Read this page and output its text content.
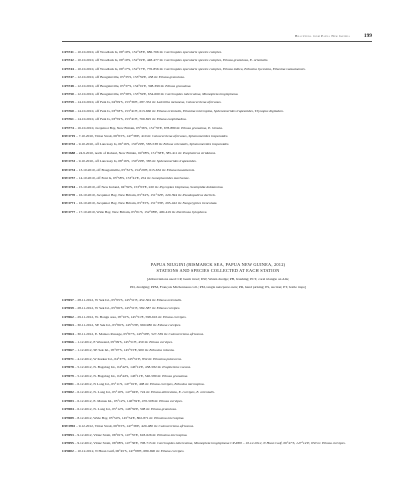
Brachyura from Papua New Guinea	199

CP3741 – 10.10.2010, off Woodlark Is, 09°10'S, 152°18'E, 686-766 m: Carcinoplax specularis species complex.

CP3742 – 10.10.2010, off Woodlark Is, 09°10'S, 152°19'E, 448-477 m: Carcinoplax specularis species complex, Ethusa granulosa, E. orientalis.

CP3744 – 10.10.2010, off Woodlark Is, 09°17'S, 152°17'E, 776-856 m: Carcinoplax specularis species complex, Ethusa indica, Ethusina hycesmia, Ethusina vanuatuensis.

CP3747 – 12.10.2010, off Bougainville, 05°35'S, 153°59'E, 458 m: Ethusa granulosa.

CP3748 – 12.10.2010, off Bougainville, 05°37'S, 154°01'E, 398-399 m: Ethusa granulosa.

CP3750 – 12.10.2010, off Bougainville, 05°39'S, 153°59'E, 654-660 m: Carcinoplax tuberculosa, Mionopleia longispinosa.

CP3759 – 14.10.2010, off Feni Is, 04°09'S, 153°36'E, 287-352 m: Latreillia metanesa, Caloscerctena africanus.

CP3760 – 14.10.2010, off Feni Is, 03°58'S, 153°41'E, 613-660 m: Ethusa orientalis, Ethusina microspina, Sphenomerides trapezoides, Thynopus digitalum.

CP3761 – 14.10.2010, off Feni Is, 03°59'S, 153°41'E, 760-825 m: Ethusa exophthalma.

CP3774 – 16.10.2010, Jacquinot Bay, New Britain, 05°36'S, 151°35'E, 678-880 m: Ethusa granulosa, E. hirsuta.

DW3719 – 7.10.2010, Vitiaz Strait, 06°03'S, 147°36'E, 410 m: Caloscerctena africanus, Sphenomerides trapezoides.

DW3732 – 9.10.2010, off Lancasay Is, 06°16'S, 150°29'E, 583-538 m: Ethusa orientalis, Sphenomerides trapezoides.

DW3688 – 24.9.2010, north of Rabaul, New Britain, 04°08'S, 151°58'E, 385-411 m: Psopheticus stridulans.

DW3733 – 9.10.2010, off Lancasay Is, 08°16'S, 150°29'E, 385 m: Sphenomerides trapezoides.

DW3734 – 13.10.2010, off Bougainville, 05°32'S, 154°29'E, 615-632 m: Ethusa hawaiiensis.

DW3757 – 14.10.2010, off Feni Is, 03°58'S, 153°41'E, 254 m: Goneplacoides marivenae.

DW3764 – 15.10.2010, off New Ireland, 04°39'S, 153°03'E, 220 m: Psycoplax bispinosa, Scalopidia dubiannina.

DW3770 – 16.10.2010, Jacquinot Bay, New Britain, 05°34'S, 151°32'E, 220-394 m: Pseudopalicus declivis.

DW3771 – 16.10.2010, Jacquinot Bay, New Britain, 05°33'S, 151°33'E, 295-422 m: Neogeryphes trenculata.

DW3777 – 17.10.2010, Wide Bay, New Britain, 05°01'S, 152°08'E, 400-419 m: Parethusa hylophora.

PAPUA NIUGINI (BISMARCK SEA, PAPUA NEW GUINEA, 2012)
STATIONS AND SPECIES COLLECTED AT EACH STATION
[Abbreviations used: CP, beam trawl; DW, Warén dredge; PB, brushing; PCT, coral triangle on Alis;
PD, dredging; PPM, François Michonneau coll.; PM, tangle nets/parso nets; PR, hand picking; PS, suction; PT, bottle traps]

CP3957 – 28.11.2012, W Sek Isl., 05°05'S, 145°51'E, 452-504 m: Ethusa orientalis.

CP3959 – 28.11.2012, W Sek Isl., 05°06'S, 145°51'E, 582-587 m: Ethusa curvipes.

CP3962 – 29.11.2012, W. Bongu area, 05°10'S, 145°51'E, 598-616 m: Ethusa curvipes.

CP3963 – 30.11.2012, SE Sek Isl., 05°06'S, 145°53'E, 960-980 m: Ethusa curvipes.

CP3964 – 30.11.2012, E. Malaeo Passage, 05°07'S, 145°50'E, 527-539 m: Caloscerctena africanus.

CP3966 – 1.12.2012, E Wareand, 05°09'S, 145°51'E, 450 m: Ethusa curvipes.

CP3967 – 1.12.2012, SE Sek Isl., 05°07'S, 145°53'E, 900 m: Ethusina robusta.

CP3971 – 4.12.2012, W Karkar Isl., 04°37'S, 145°51'E, 832 m: Ethusina pubescens.

CP3978 – 5.12.2012, N. Bagabag Isl., 04°42'S, 146°12'E, 458-582 m: Psopheticus vocans.

CP3979 – 5.12.2012, N. Bagabag Isl., 04°44'S, 146°11'E, 540-580 m: Ethusa granulosa.

CP3981 – 6.12.2012, N Long Isl., 05°11'S, 147°01'E, 408 m: Ethusa curvipes, Ethusina microspina.

CP3982 – 6.12.2012, N. Long Isl., 05°10'S, 147°04'E, 724 m: Ethusa abbreviata, E. curvipes, E. orientalis.

CP3983 – 6.12.2012, E. Manus Isl., 05°12'S, 146°59'E, 470-508 m: Ethusa curvipes.

CP3984 – 6.12.2012, N. Long Isl., 05°12'S, 146°59'E, 508 m: Ethusa granulosa.

CP3989 – 8.12.2012, Wide Bay, 05°54'S, 145°54'E, 802-871 m: Ethusina microspina.

DW3992 – 9.12.2012, Vitiaz Strait, 06°03'S, 147°36'E, 420-480 m: Caloscerctena africanus.

CP3993 – 9.12.2012, Vitiaz Strait, 06°01'S, 147°55'E, 618-626 m: Ethusina microspina.

CP3995 – 9.12.2012, Vitiaz Strait, 06°08'S, 147°36'E, 708-715 m: Carcinoplax tuberculosa, Mionopleia longispinosa CP4000 – 10.12.2012, N Huon Gulf, 06°47'S, 147°14'E, 650 m: Ethusa curvipes.

CP4002 – 10.12.2012, N Huon Gulf, 06°45'S, 147°08'E, 680-690 m: Ethusa curvipes.
